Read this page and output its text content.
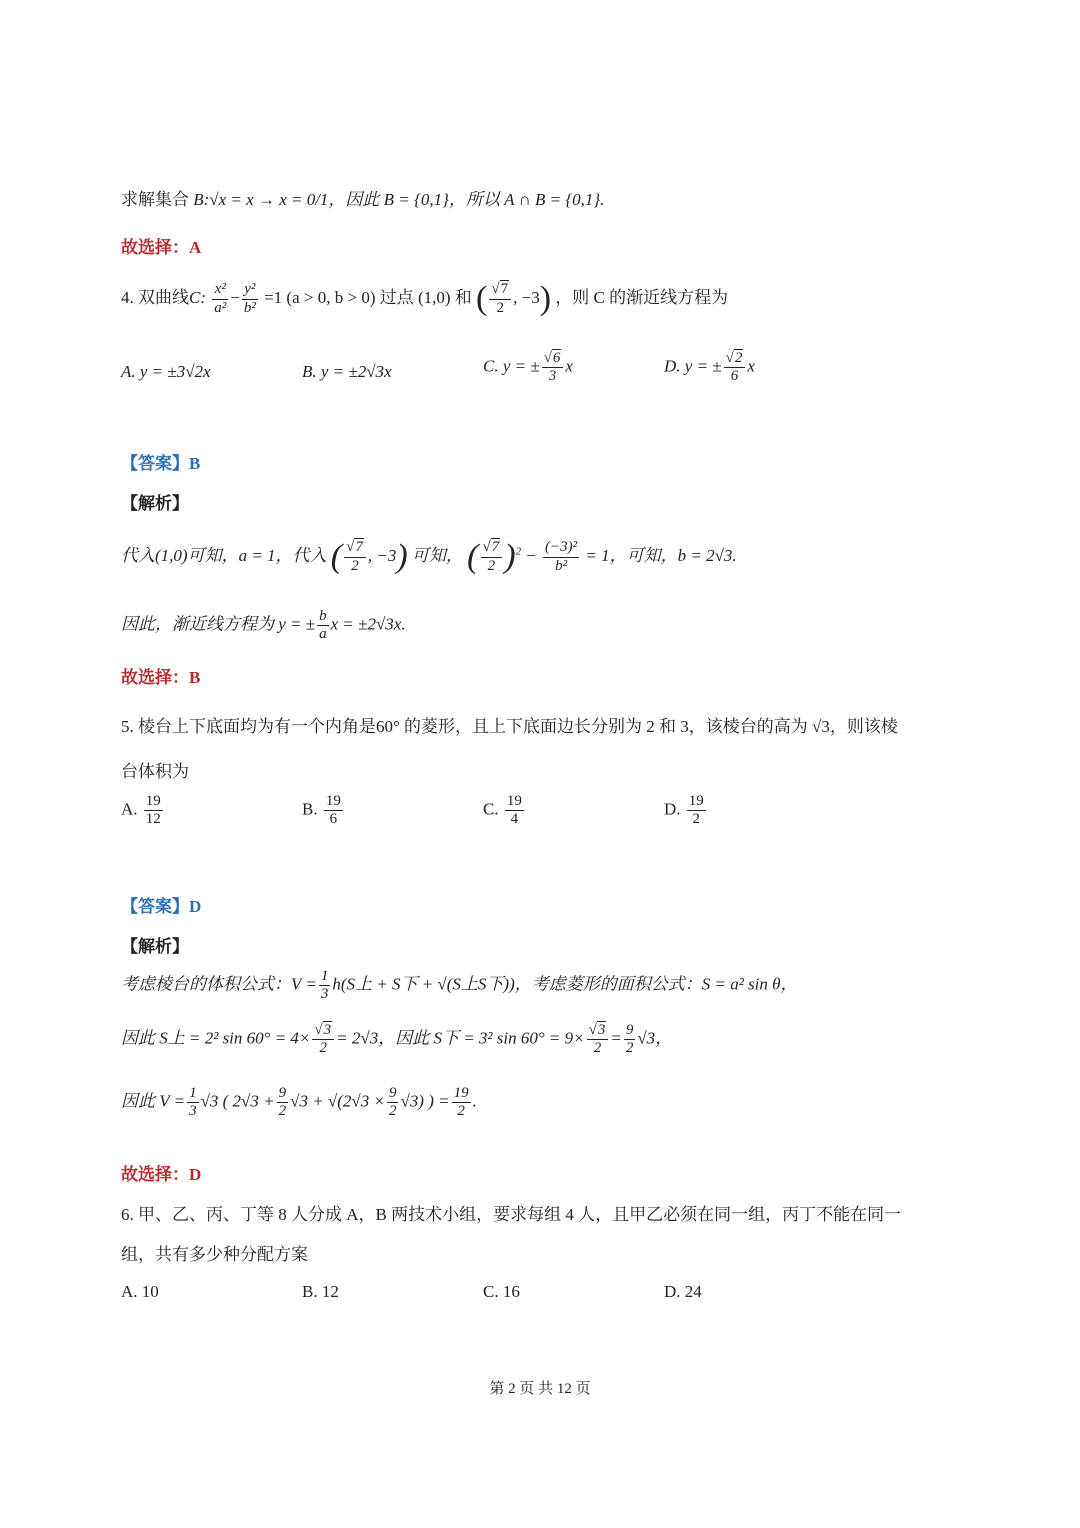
求解集合 B:√x = x → x = 0/1，因此 B = {0,1}，所以 A ∩ B = {0,1}.
故选择：A
4. 双曲线C: $\frac{\text{x²}}{\text{a²}} - \frac{\text{y²}}{\text{b²}} =1$ (a > 0, b > 0) 过点 (1,0) 和 ( $\frac{√7}{2}$ , −3) ，则 C 的渐近线方程为
A. y = ±3√2x	B. y = ±2√3x	C. y = ± $\frac{√6}{3}$ x	D. y = ± $\frac{√2}{6}$ x
【答案】B
【解析】
代入(1,0)可知，a = 1，代入 ( $\frac{√7}{2}$ , −3) 可知， ( $\frac{√7}{2} )^2 - \frac{\text{(−3)²}}{\text{b²}} = 1$，可知，b = 2√3.
因此，渐近线方程为 y = ± $\frac{b}{a}$ x = ±2√3x.
故选择：B
5. 棱台上下底面均为有一个内角是60° 的菱形，且上下底面边长分别为 2 和 3，该棱台的高为 √3，则该棱
台体积为
A. $\frac{19}{12}$	B. $\frac{19}{6}$	C. $\frac{19}{4}$	D. $\frac{19}{2}$
【答案】D
【解析】
考虑棱台的体积公式：$V = \frac{1}{3} h(S$上 + S下 + √(S上S下))，考虑菱形的面积公式：S = a² sin θ，
因此 S上 = 2² $\sin 60^\circ = 4\times \frac{√3}{2} = 2√3$，因此 S下 = 3² $\sin 60^\circ = 9\times \frac{√3}{2} = \frac{9}{2} √3$，
因此 $V = \frac{1}{3} √3$ ( $2√3 + \frac{9}{2} √3 + √(2√3 \times \frac{9}{2} √3)$ ) = $\frac{19}{2}$ .
故选择：D
6. 甲、乙、丙、丁等 8 人分成 A，B 两技术小组，要求每组 4 人，且甲乙必须在同一组，丙丁不能在同一
组，共有多少种分配方案
A. 10	B. 12	C. 16	D. 24
第 2 页 共 12 页
